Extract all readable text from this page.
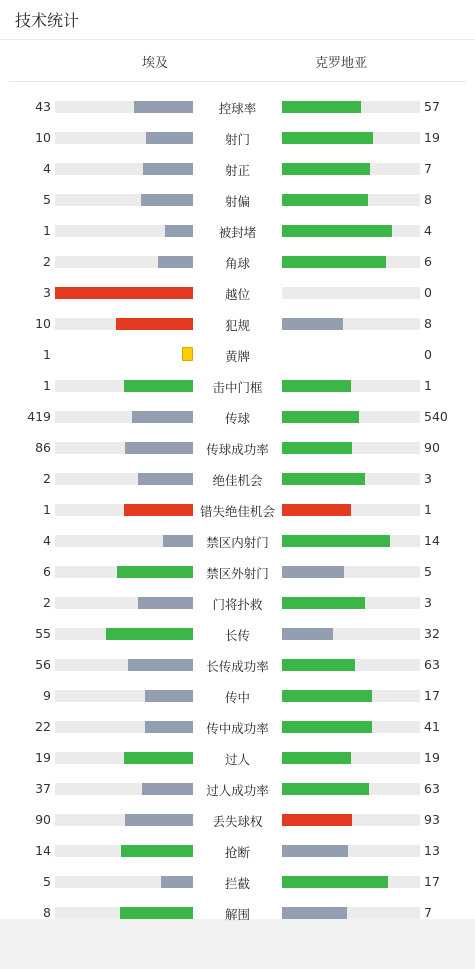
技术统计
埃及	克罗地亚
43	控球率	57
10	射门	19
4	射正	7
5	射偏	8
1	被封堵	4
2	角球	6
3	越位	0
10	犯规	8
1	黄牌	0
1	击中门框	1
419	传球	540
86	传球成功率	90
2	绝佳机会	3
1	错失绝佳机会	1
4	禁区内射门	14
6	禁区外射门	5
2	门将扑救	3
55	长传	32
56	长传成功率	63
9	传中	17
22	传中成功率	41
19	过人	19
37	过人成功率	63
90	丢失球权	93
14	抢断	13
5	拦截	17
8	解围	7
